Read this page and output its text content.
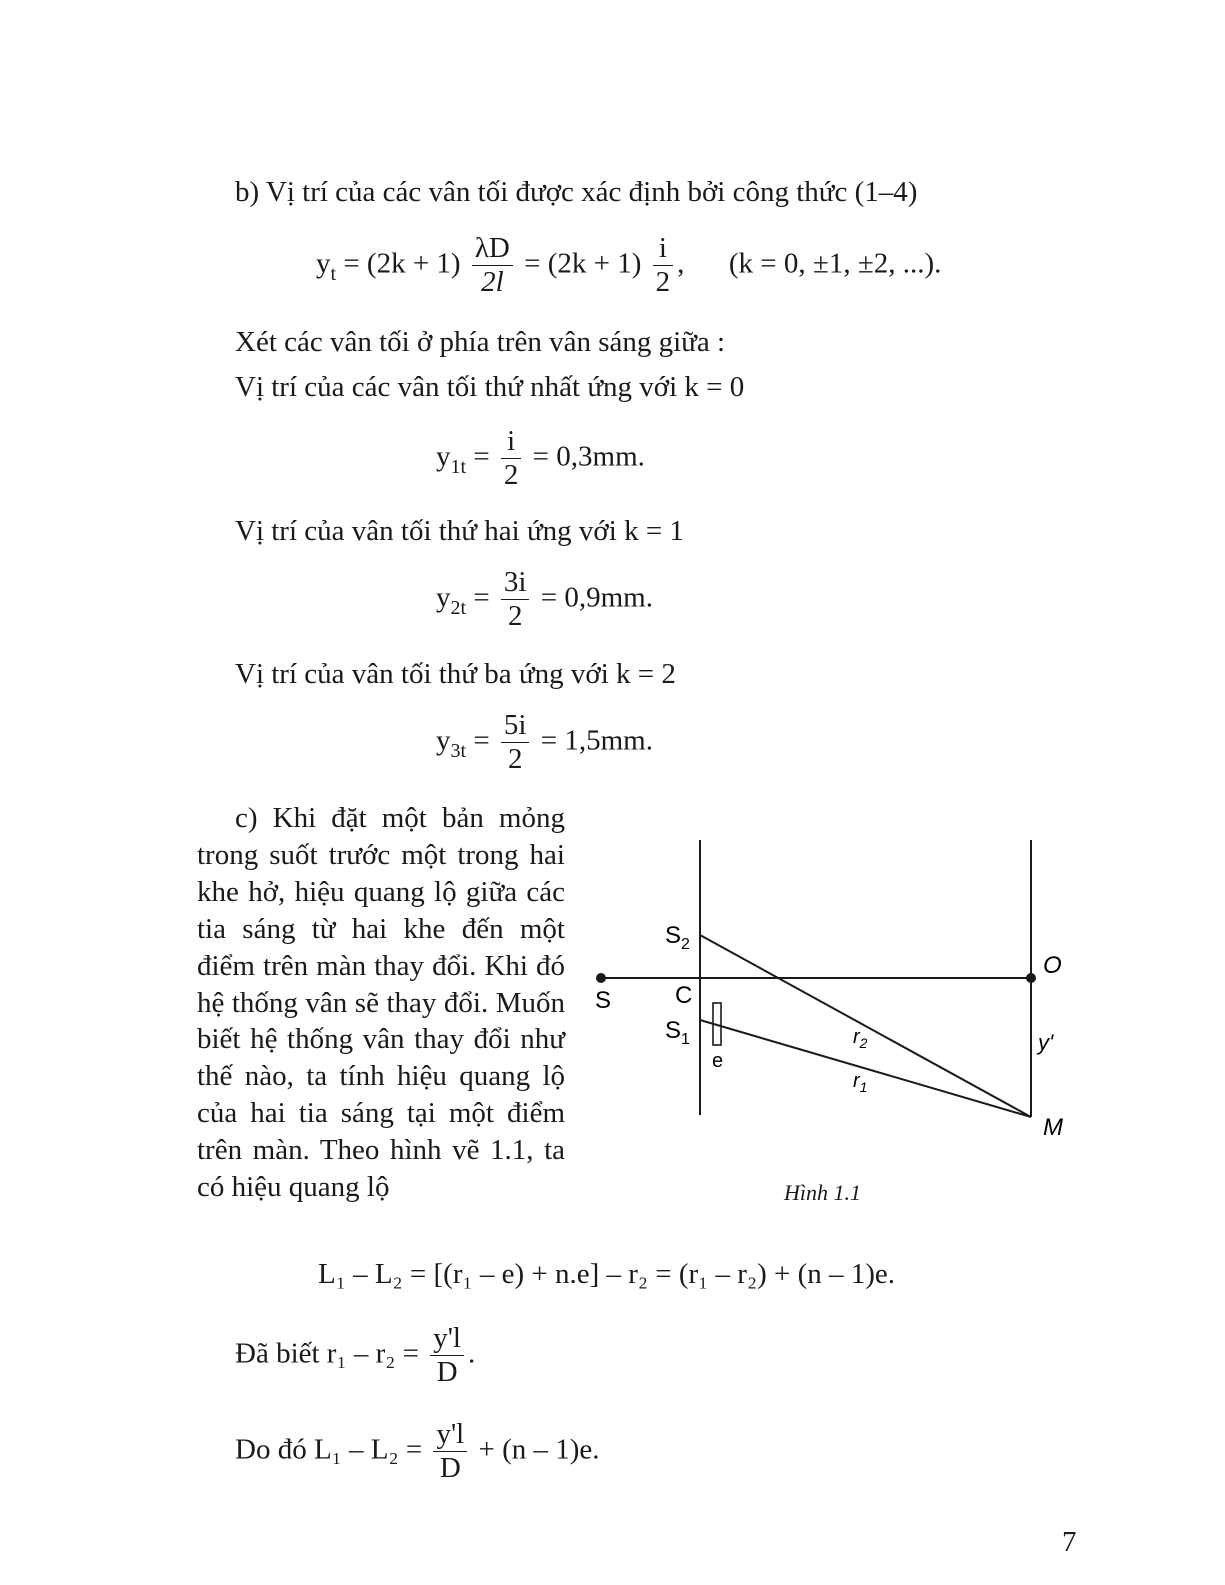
b) Vị trí của các vân tối được xác định bởi công thức (1–4)
$y_t = (2k + 1) \frac{\lambda D}{2l} = (2k + 1) \frac{i}{2}$ , (k = 0, ±1, ±2, ...).
Xét các vân tối ở phía trên vân sáng giữa :
Vị trí của các vân tối thứ nhất ứng với k = 0
$y_{1t} = \frac{i}{2} = 0,3mm$.
Vị trí của vân tối thứ hai ứng với k = 1
$y_{2t} = \frac{3i}{2} = 0,9mm$.
Vị trí của vân tối thứ ba ứng với k = 2
$y_{3t} = \frac{5i}{2} = 1,5mm$.
c) Khi đặt một bản mỏng trong suốt trước một trong hai khe hở, hiệu quang lộ giữa các tia sáng từ hai khe đến một điểm trên màn thay đổi. Khi đó hệ thống vân sẽ thay đổi. Muốn biết hệ thống vân thay đổi như thế nào, ta tính hiệu quang lộ của hai tia sáng tại một điểm trên màn. Theo hình vẽ 1.1, ta có hiệu quang lộ
S
$S_2$
C
$S_1$
e
$r_2$
$r_1$
O
y'
M
Hình 1.1
L₁ – L₂ = [(r₁ – e) + n.e] – r₂ = (r₁ – r₂) + (n – 1)e.
Đã biết $r_1 - r_2 = \frac{y'l}{D}$ .
Do đó $L_1 - L_2 = \frac{y'l}{D} + (n - 1)e$.
7
